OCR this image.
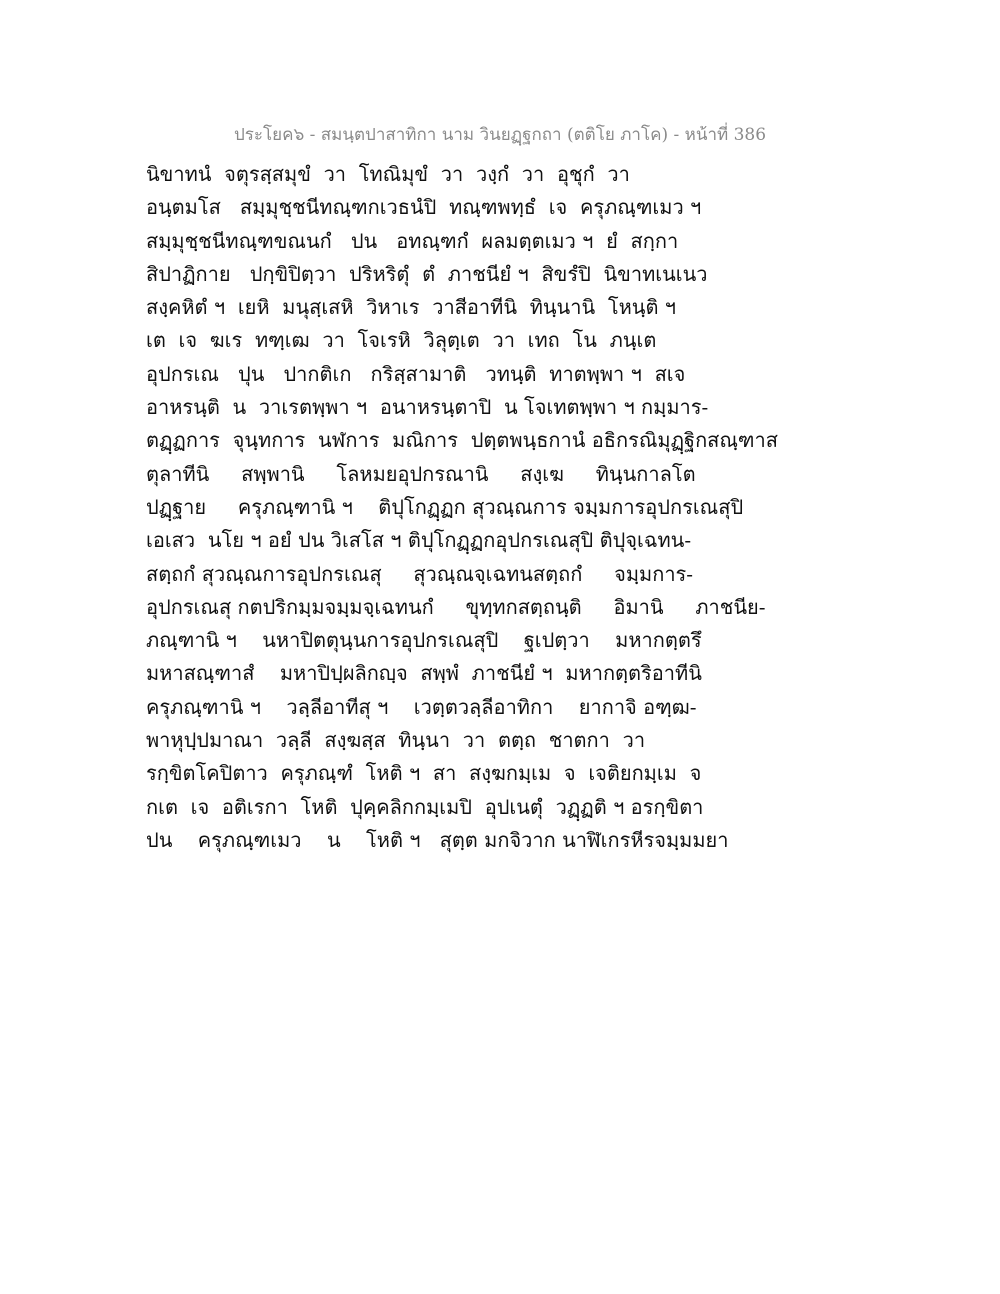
ประโยค๖ - สมนฺตปาสาทิกา นาม วินยฏฺฐกถา (ตติโย ภาโค) - หน้าที่ 386
นิขาทนํ  จตุรสฺสมุขํ  วา  โทณิมุขํ  วา  วงฺกํ  วา  อุชุกํ  วา
อนฺตมโส   สมฺมุชฺชนีทณฺฑกเวธนํปิ  ทณฺฑพทฺธํ  เจ  ครุภณฺฑเมว ฯ
สมฺมุชฺชนีทณฺฑขณนกํ   ปน   อทณฺฑกํ  ผลมตฺตเมว ฯ  ยํ  สกฺกา
สิปาฏิกาย   ปกฺขิปิตฺวา  ปริหริตุํ  ตํ  ภาชนียํ ฯ  สิขรํปิ  นิขาทเนเนว
สงฺคหิตํ ฯ  เยหิ  มนุสฺเสหิ  วิหาเร  วาสีอาทีนิ  ทินฺนานิ  โหนฺติ ฯ
เต  เจ  ฆเร  ทฑฺเฒ  วา  โจเรหิ  วิลุตฺเต  วา  เทถ  โน  ภนฺเต
อุปกรเณ   ปุน   ปากติเก   กริสฺสามาติ   วทนฺติ  ทาตพฺพา ฯ  สเจ
อาหรนฺติ  น  วาเรตพฺพา ฯ  อนาหรนฺตาปิ  น โจเทตพฺพา ฯ กมฺมาร-
ตฏฺฏการ  จุนฺทการ  นฬการ  มณิการ  ปตฺตพนฺธกานํ อธิกรณิมุฏฺฐิกสณฺฑาส
ตุลาทีนิ     สพฺพานิ     โลหมยอุปกรณานิ     สงฺเฆ     ทินฺนกาลโต
ปฏฺฐาย     ครุภณฺฑานิ ฯ    ติปุโกฏฺฏก สุวณฺณการ จมฺมการอุปกรเณสุปิ
เอเสว  นโย ฯ อยํ ปน วิเสโส ฯ ติปุโกฏฺฏกอุปกรเณสุปิ ติปุจฺเฉทน-
สตฺถกํ สุวณฺณการอุปกรเณสุ     สุวณฺณจฺเฉทนสตฺถกํ     จมฺมการ-
อุปกรเณสุ กตปริกมฺมจมฺมจฺเฉทนกํ     ขุทฺทกสตฺถนฺติ     อิมานิ     ภาชนีย-
ภณฺฑานิ ฯ    นหาปิตตุนฺนการอุปกรเณสุปิ    ฐเปตฺวา    มหากตฺตรึ
มหาสณฺฑาสํ    มหาปิปฺผลิกญฺจ  สพฺพํ  ภาชนียํ ฯ  มหากตฺตริอาทีนิ
ครุภณฺฑานิ ฯ    วลฺลีอาทีสุ ฯ    เวตฺตวลฺลีอาทิกา    ยากาจิ อฑฺฒ-
พาหุปฺปมาณา  วลฺลี  สงฺฆสฺส  ทินฺนา  วา  ตตฺถ  ชาตกา  วา
รกฺขิตโคปิตาว  ครุภณฺฑํ  โหติ ฯ  สา  สงฺฆกมฺเม  จ  เจติยกมฺเม  จ
กเต  เจ  อติเรกา  โหติ  ปุคฺคลิกกมฺเมปิ  อุปเนตุํ  วฏฺฏติ ฯ อรกฺขิตา
ปน    ครุภณฺฑเมว    น    โหติ ฯ   สุตฺต มกจิวาก นาฬิเกรหีรจมฺมมยา
